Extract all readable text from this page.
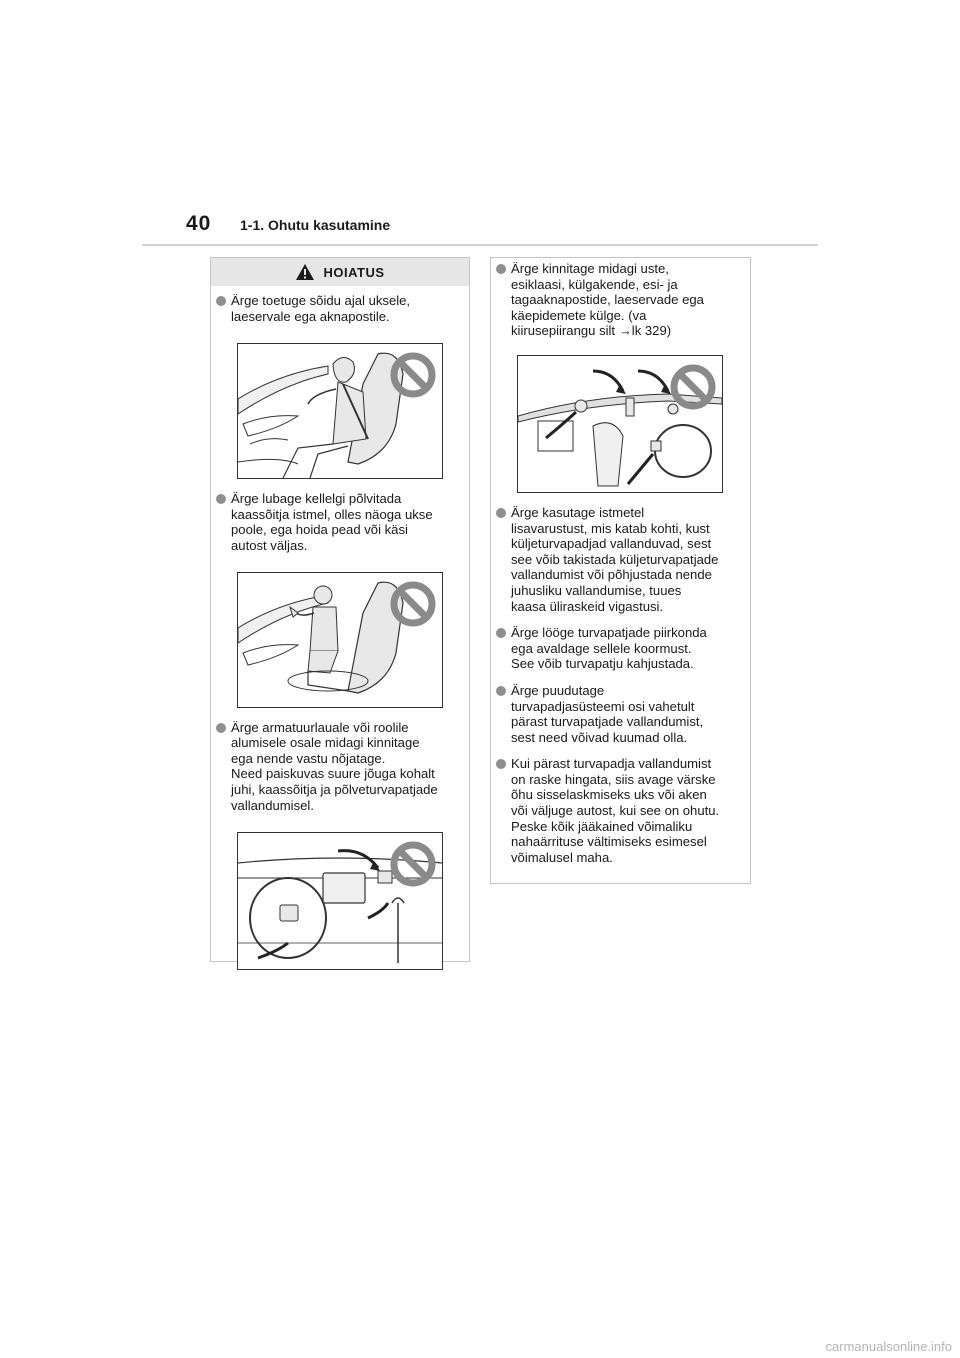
40 1-1. Ohutu kasutamine
HOIATUS
Ärge toetuge sõidu ajal uksele,
laeservale ega aknapostile.
Ärge lubage kellelgi põlvitada
kaassõitja istmel, olles näoga ukse
poole, ega hoida pead või käsi
autost väljas.
Ärge armatuurlauale või roolile
alumisele osale midagi kinnitage
ega nende vastu nõjatage.
Need paiskuvas suure jõuga kohalt
juhi, kaassõitja ja põlveturvapatjade
vallandumisel.
Ärge kinnitage midagi uste,
esiklaasi, külgakende, esi- ja
tagaaknapostide, laeservade ega
käepidemete külge. (va
kiirusepiirangu silt →lk 329)
Ärge kasutage istmetel
lisavarustust, mis katab kohti, kust
küljeturvapadjad vallanduvad, sest
see võib takistada küljeturvapatjade
vallandumist või põhjustada nende
juhusliku vallandumise, tuues
kaasa üliraskeid vigastusi.
Ärge lööge turvapatjade piirkonda
ega avaldage sellele koormust.
See võib turvapatju kahjustada.
Ärge puudutage
turvapadjasüsteemi osi vahetult
pärast turvapatjade vallandumist,
sest need võivad kuumad olla.
Kui pärast turvapadja vallandumist
on raske hingata, siis avage värske
õhu sisselaskmiseks uks või aken
või väljuge autost, kui see on ohutu.
Peske kõik jääkained võimaliku
nahaärrituse vältimiseks esimesel
võimalusel maha.
carmanualsonline.info
